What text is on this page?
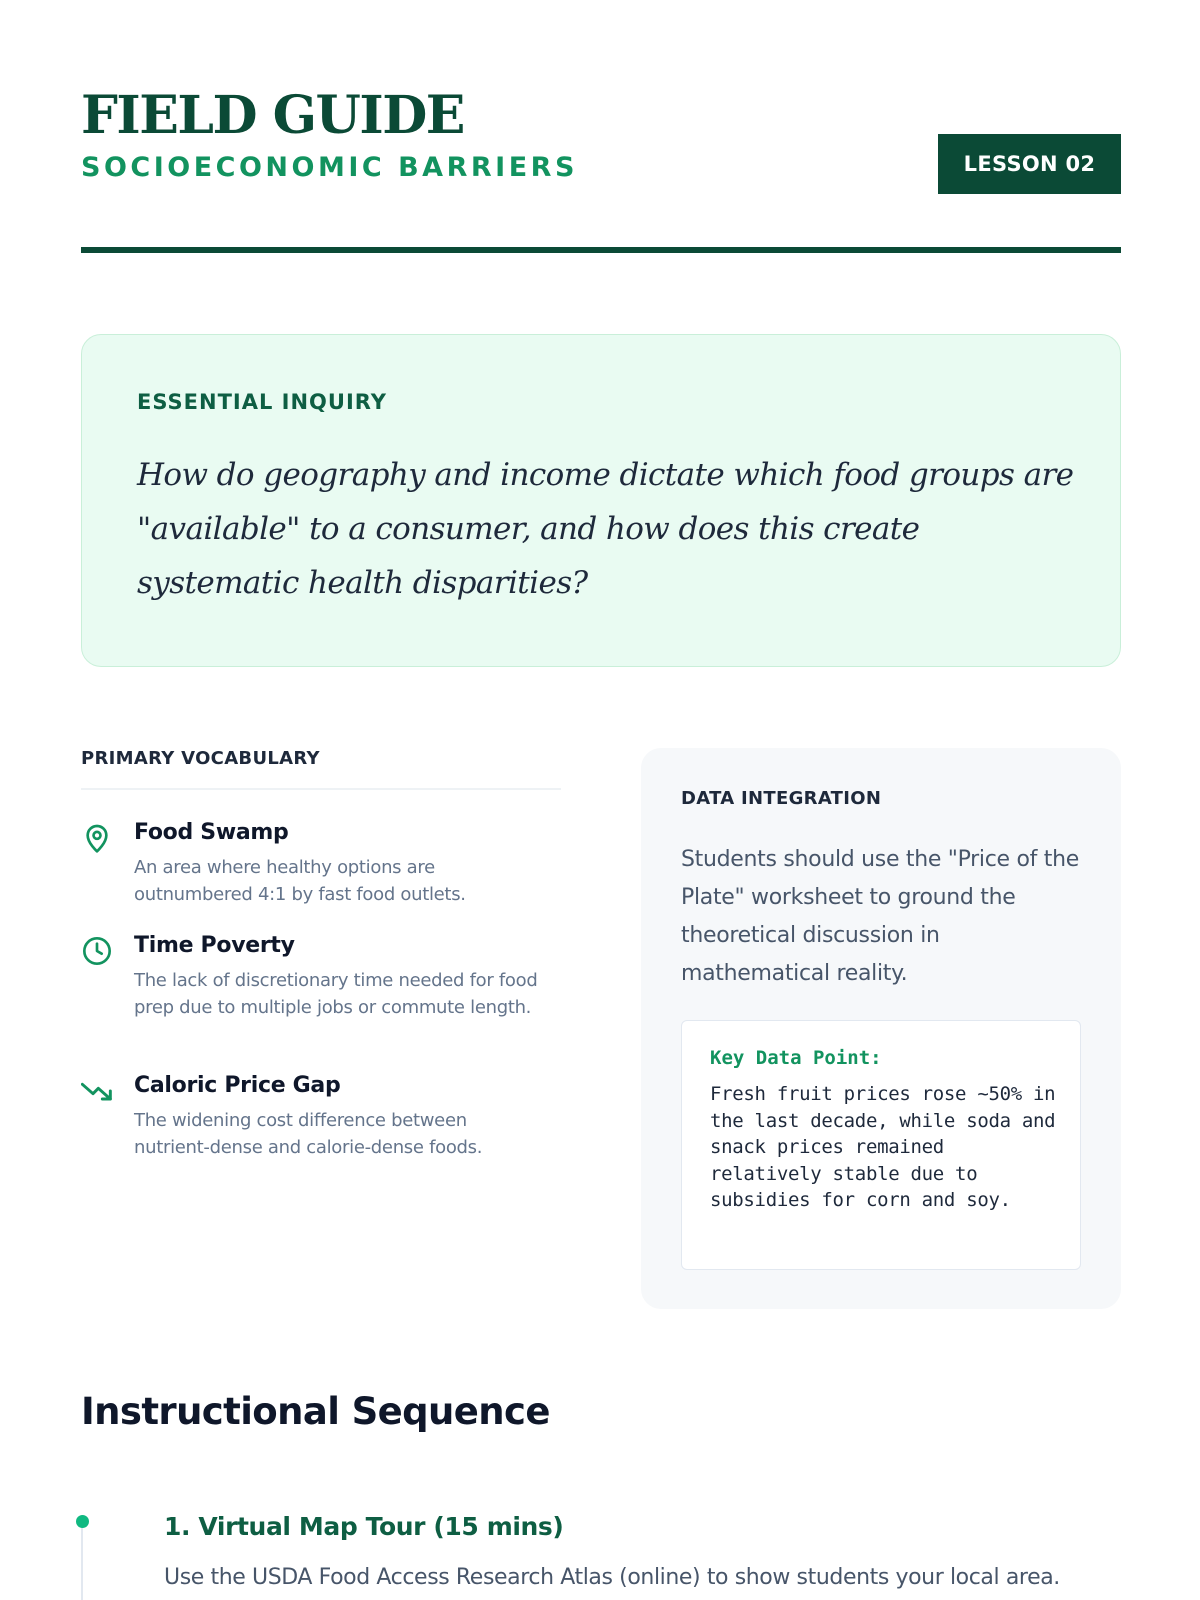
FIELD GUIDE
SOCIOECONOMIC BARRIERS	LESSON 02
ESSENTIAL INQUIRY
How do geography and income dictate which food groups are "available" to a consumer, and how does this create systematic health disparities?
PRIMARY VOCABULARY
Food Swamp
An area where healthy options are outnumbered 4:1 by fast food outlets.
Time Poverty
The lack of discretionary time needed for food prep due to multiple jobs or commute length.
Caloric Price Gap
The widening cost difference between nutrient-dense and calorie-dense foods.
DATA INTEGRATION
Students should use the "Price of the Plate" worksheet to ground the theoretical discussion in mathematical reality.
Key Data Point:
Fresh fruit prices rose ~50% in the last decade, while soda and snack prices remained relatively stable due to subsidies for corn and soy.
Instructional Sequence
1. Virtual Map Tour (15 mins)
Use the USDA Food Access Research Atlas (online) to show students your local area.
